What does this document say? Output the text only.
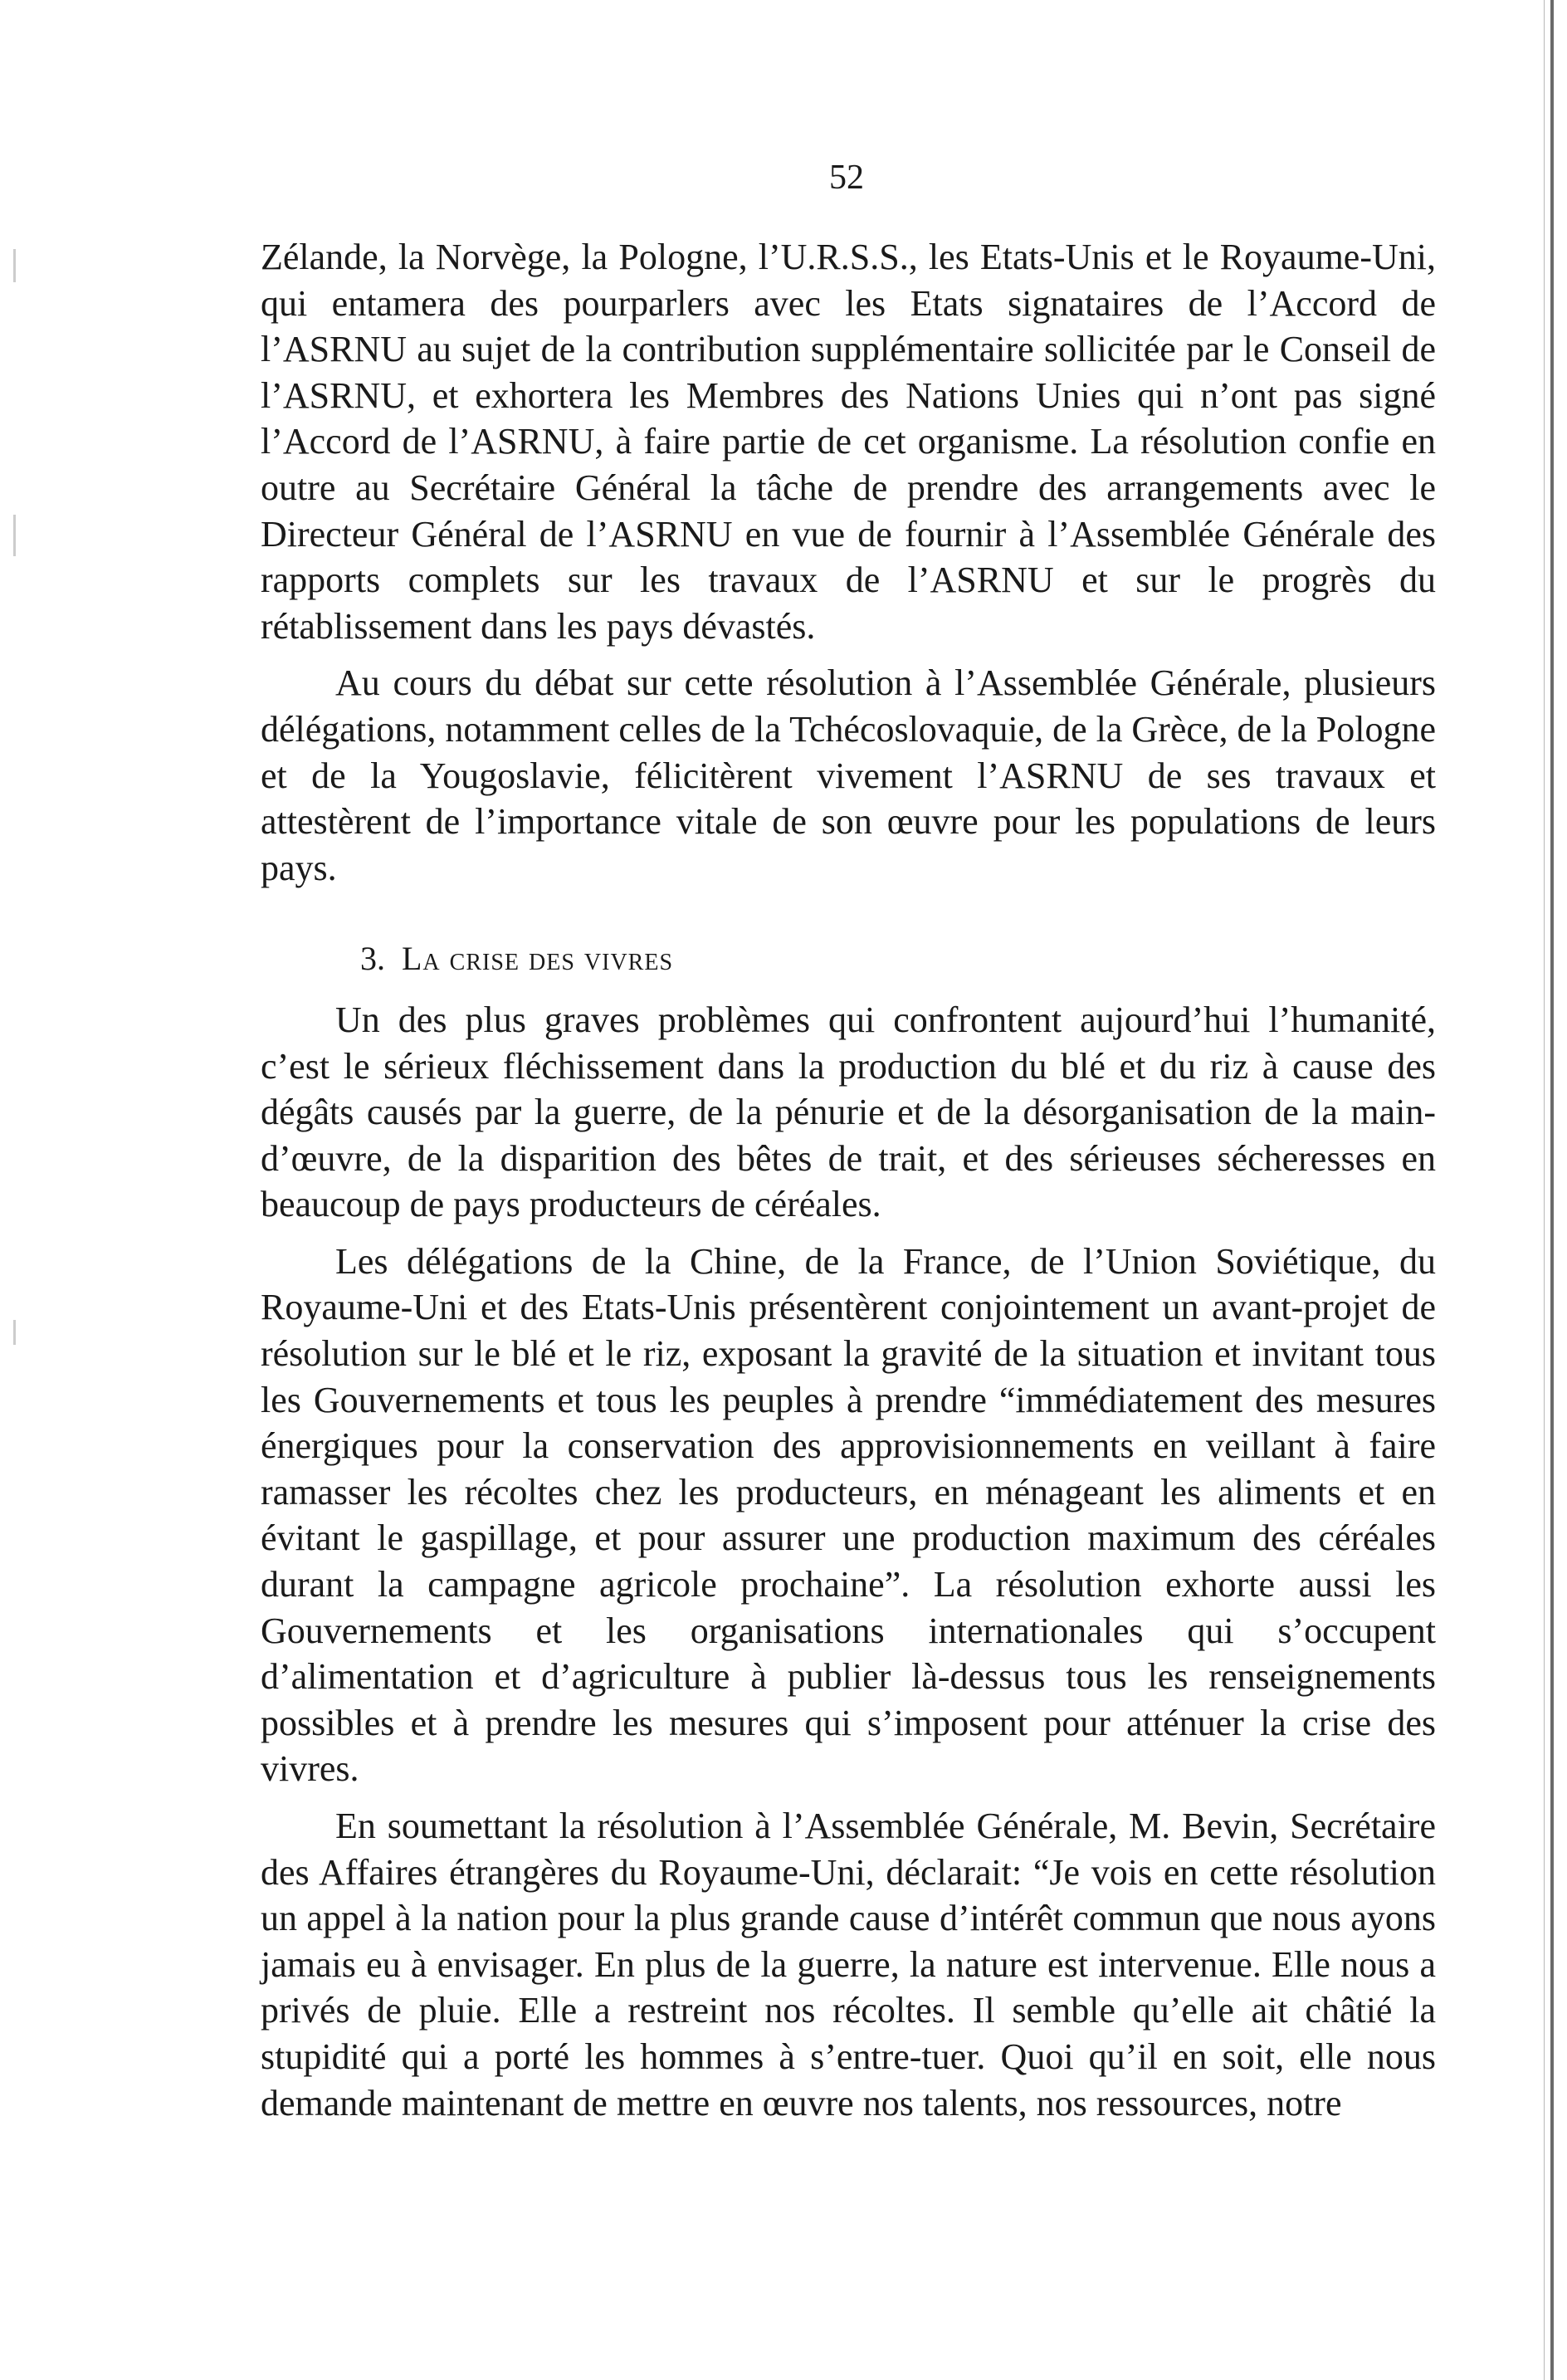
52

Zélande, la Norvège, la Pologne, l’U.R.S.S., les Etats-Unis et le Royaume-Uni, qui entamera des pourparlers avec les Etats signataires de l’Accord de l’ASRNU au sujet de la contribution supplémentaire sollicitée par le Conseil de l’ASRNU, et exhortera les Membres des Nations Unies qui n’ont pas signé l’Accord de l’ASRNU, à faire partie de cet organisme. La résolution confie en outre au Secrétaire Général la tâche de prendre des arrangements avec le Directeur Général de l’ASRNU en vue de fournir à l’Assemblée Générale des rapports complets sur les travaux de l’ASRNU et sur le progrès du rétablissement dans les pays dévastés.

Au cours du débat sur cette résolution à l’Assemblée Générale, plusieurs délégations, notamment celles de la Tchécoslovaquie, de la Grèce, de la Pologne et de la Yougoslavie, félicitèrent vivement l’ASRNU de ses travaux et attestèrent de l’importance vitale de son œuvre pour les populations de leurs pays.

3. La crise des vivres

Un des plus graves problèmes qui confrontent aujourd’hui l’humanité, c’est le sérieux fléchissement dans la production du blé et du riz à cause des dégâts causés par la guerre, de la pénurie et de la désorganisation de la main-d’œuvre, de la disparition des bêtes de trait, et des sérieuses sécheresses en beaucoup de pays producteurs de céréales.

Les délégations de la Chine, de la France, de l’Union Soviétique, du Royaume-Uni et des Etats-Unis présentèrent conjointement un avant-projet de résolution sur le blé et le riz, exposant la gravité de la situation et invitant tous les Gouvernements et tous les peuples à prendre “immédiatement des mesures énergiques pour la conservation des approvisionnements en veillant à faire ramasser les récoltes chez les producteurs, en ménageant les aliments et en évitant le gaspillage, et pour assurer une production maximum des céréales durant la campagne agricole prochaine”. La résolution exhorte aussi les Gouvernements et les organisations internationales qui s’occupent d’alimentation et d’agriculture à publier là-dessus tous les renseignements possibles et à prendre les mesures qui s’imposent pour atténuer la crise des vivres.

En soumettant la résolution à l’Assemblée Générale, M. Bevin, Secrétaire des Affaires étrangères du Royaume-Uni, déclarait: “Je vois en cette résolution un appel à la nation pour la plus grande cause d’intérêt commun que nous ayons jamais eu à envisager. En plus de la guerre, la nature est intervenue. Elle nous a privés de pluie. Elle a restreint nos récoltes. Il semble qu’elle ait châtié la stupidité qui a porté les hommes à s’entre-tuer. Quoi qu’il en soit, elle nous demande maintenant de mettre en œuvre nos talents, nos ressources, notre
